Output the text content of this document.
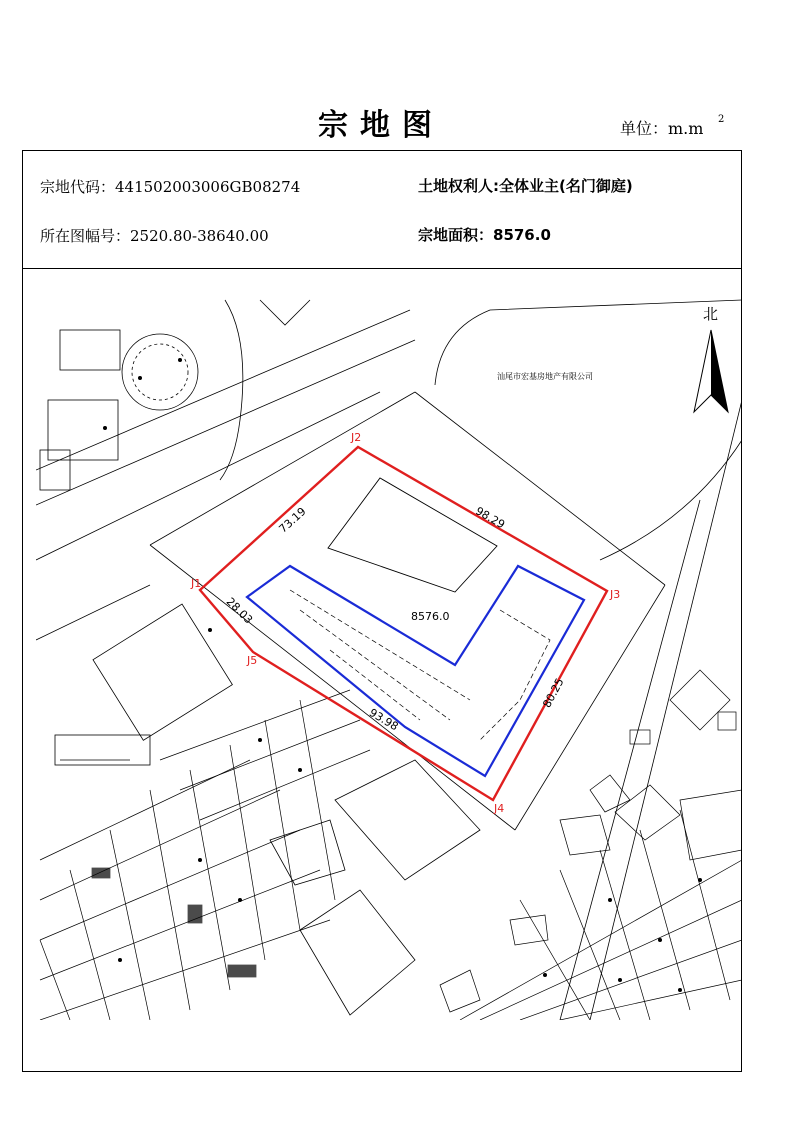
宗地图	单位：m.m 2
宗地代码：441502003006GB08274	土地权利人:全体业主(名门御庭)
所在图幅号：2520.80-38640.00	宗地面积：8576.0
J1
J2
J3
J4
J5
73.19	98.29
80.25
93.98
28.03	8576.0
汕尾市宏基房地产有限公司
北
